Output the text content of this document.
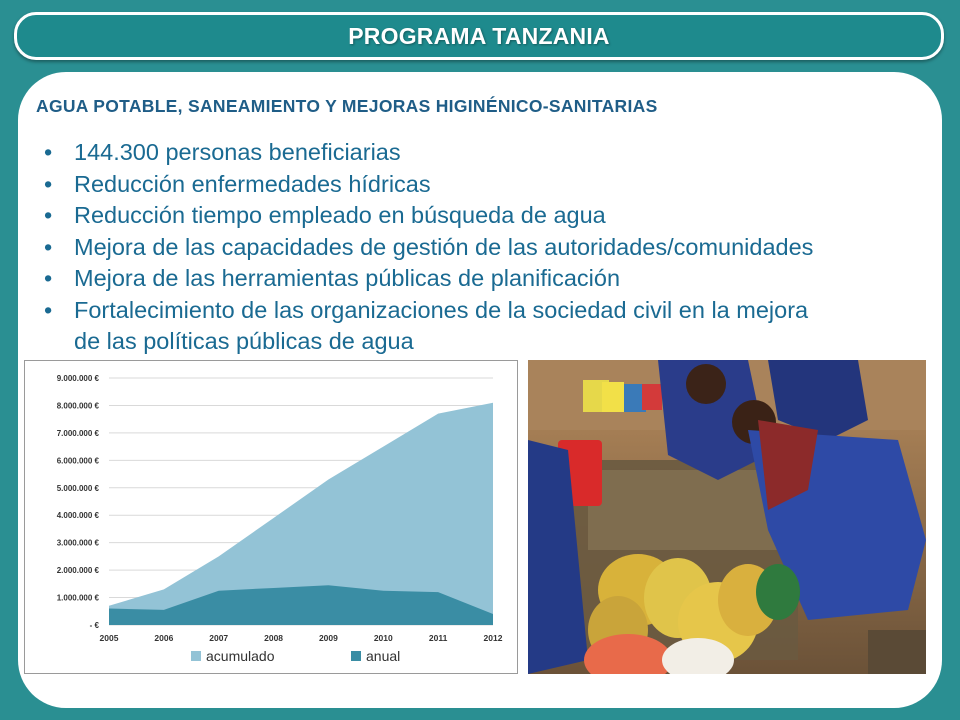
PROGRAMA TANZANIA
AGUA POTABLE, SANEAMIENTO Y MEJORAS HIGINÉNICO-SANITARIAS
• 144.300 personas beneficiarias
• Reducción enfermedades hídricas
• Reducción tiempo empleado en búsqueda de agua
• Mejora de las capacidades de gestión de las autoridades/comunidades
• Mejora de las herramientas públicas de planificación
• Fortalecimiento de las organizaciones de la sociedad civil en la mejora
de las políticas públicas de agua
- €
1.000.000 €
2.000.000 €
3.000.000 €
4.000.000 €
5.000.000 €
6.000.000 €
7.000.000 €
8.000.000 €
9.000.000 €
2005	2006	2007	2008	2009	2010	2011	2012
acumulado	anual
